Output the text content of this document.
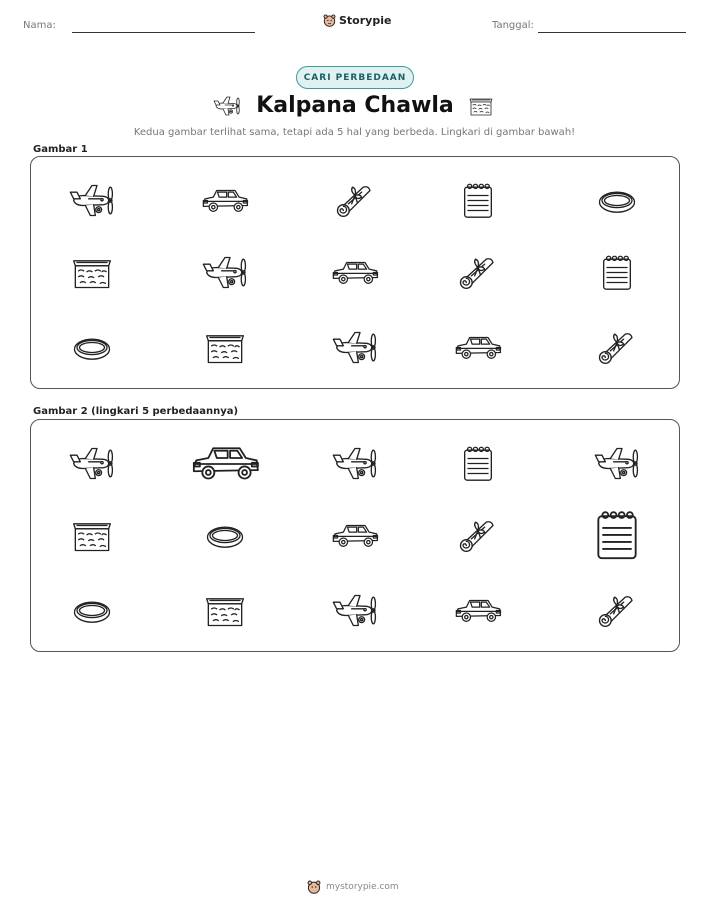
Nama:	Storypie	Tanggal:
CARI PERBEDAAN
Kalpana Chawla
Kedua gambar terlihat sama, tetapi ada 5 hal yang berbeda. Lingkari di gambar bawah!
Gambar 1
Gambar 2 (lingkari 5 perbedaannya)
mystorypie.com
